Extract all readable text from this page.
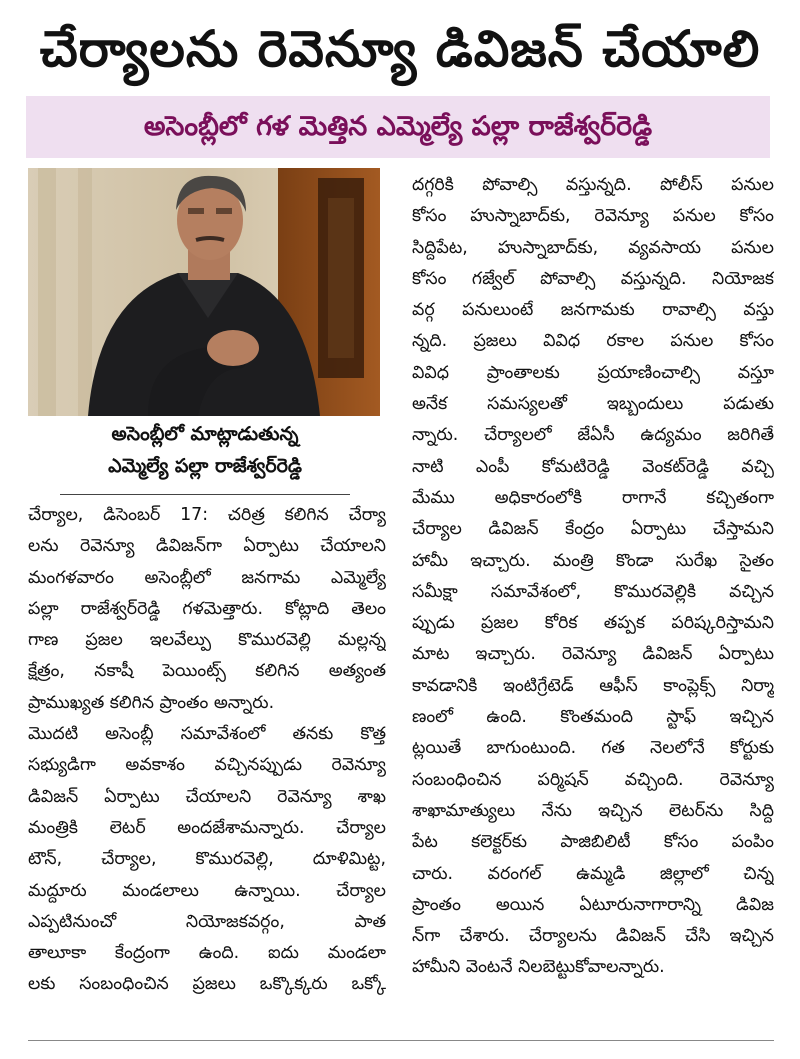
చేర్యాలను రెవెన్యూ డివిజన్ చేయాలి
అసెంబ్లీలో గళ మెత్తిన ఎమ్మెల్యే పల్లా రాజేశ్వర్‌రెడ్డి
అసెంబ్లీలో మాట్లాడుతున్న
ఎమ్మెల్యే పల్లా రాజేశ్వర్‌రెడ్డి
చేర్యాల, డిసెంబర్ 17: చరిత్ర కలిగిన చేర్యా
లను రెవెన్యూ డివిజన్‌గా ఏర్పాటు చేయాలని
మంగళవారం అసెంబ్లీలో జనగామ ఎమ్మెల్యే
పల్లా రాజేశ్వర్‌రెడ్డి గళమెత్తారు. కోట్లాది తెలం
గాణ ప్రజల ఇలవేల్పు కొమురవెల్లి మల్లన్న
క్షేత్రం, నకాషీ పెయింట్స్ కలిగిన అత్యంత
ప్రాముఖ్యత కలిగిన ప్రాంతం అన్నారు.
మొదటి అసెంబ్లీ సమావేశంలో తనకు కొత్త
సభ్యుడిగా అవకాశం వచ్చినప్పుడు రెవెన్యూ
డివిజన్ ఏర్పాటు చేయాలని రెవెన్యూ శాఖ
మంత్రికి లెటర్ అందజేశామన్నారు. చేర్యాల
టౌన్, చేర్యాల, కొమురవెల్లి, దూళిమిట్ట,
మద్దూరు మండలాలు ఉన్నాయి. చేర్యాల
ఎప్పటినుంచో నియోజకవర్గం, పాత
తాలూకా కేంద్రంగా ఉంది. ఐదు మండలా
లకు సంబంధించిన ప్రజలు ఒక్కొక్కరు ఒక్కో
దగ్గరికి పోవాల్సి వస్తున్నది. పోలీస్ పనుల
కోసం హుస్నాబాద్‌కు, రెవెన్యూ పనుల కోసం
సిద్దిపేట, హుస్నాబాద్‌కు, వ్యవసాయ పనుల
కోసం గజ్వేల్ పోవాల్సి వస్తున్నది. నియోజక
వర్గ పనులుంటే జనగామకు రావాల్సి వస్తు
న్నది. ప్రజలు వివిధ రకాల పనుల కోసం
వివిధ ప్రాంతాలకు ప్రయాణించాల్సి వస్తూ
అనేక సమస్యలతో ఇబ్బందులు పడుతు
న్నారు. చేర్యాలలో జేఏసీ ఉద్యమం జరిగితే
నాటి ఎంపీ కోమటిరెడ్డి వెంకట్‌రెడ్డి వచ్చి
మేము అధికారంలోకి రాగానే కచ్చితంగా
చేర్యాల డివిజన్ కేంద్రం ఏర్పాటు చేస్తామని
హామీ ఇచ్చారు. మంత్రి కొండా సురేఖ సైతం
సమీక్షా సమావేశంలో, కొమురవెల్లికి వచ్చిన
ప్పుడు ప్రజల కోరిక తప్పక పరిష్కరిస్తామని
మాట ఇచ్చారు. రెవెన్యూ డివిజన్ ఏర్పాటు
కావడానికి ఇంటిగ్రేటెడ్ ఆఫీస్ కాంప్లెక్స్ నిర్మా
ణంలో ఉంది. కొంతమంది స్టాఫ్ ఇచ్చిన
ట్లయితే బాగుంటుంది. గత నెలలోనే కోర్టుకు
సంబంధించిన పర్మిషన్ వచ్చింది. రెవెన్యూ
శాఖామాత్యులు నేను ఇచ్చిన లెటర్‌ను సిద్ది
పేట కలెక్టర్‌కు పాజిబిలిటీ కోసం పంపిం
చారు. వరంగల్ ఉమ్మడి జిల్లాలో చిన్న
ప్రాంతం అయిన ఏటూరునాగారాన్ని డివిజ
న్‌గా చేశారు. చేర్యాలను డివిజన్ చేసి ఇచ్చిన
హామీని వెంటనే నిలబెట్టుకోవాలన్నారు.
